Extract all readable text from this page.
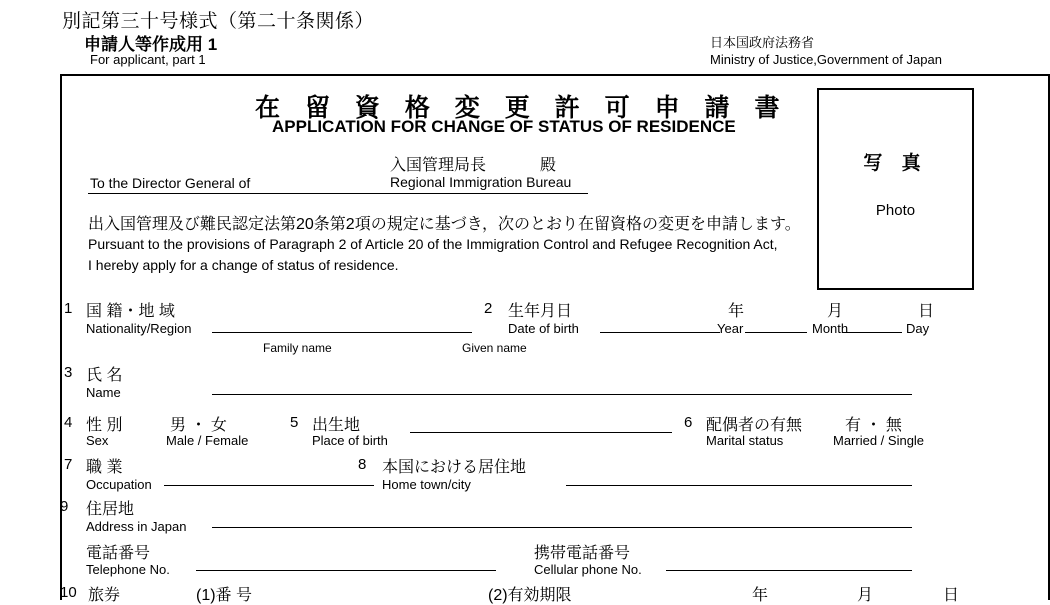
別記第三十号様式（第二十条関係）
申請人等作成用 1
For applicant, part 1
日本国政府法務省
Ministry of Justice,Government of Japan
在 留 資 格 変 更 許 可 申 請 書
APPLICATION FOR CHANGE OF STATUS OF RESIDENCE
写 真
Photo
To the Director General of
入国管理局長	殿
Regional Immigration Bureau
出入国管理及び難民認定法第20条第2項の規定に基づき，次のとおり在留資格の変更を申請します。
Pursuant to the provisions of Paragraph 2 of Article 20 of the Immigration Control and Refugee Recognition Act,
I hereby apply for a change of status of residence.
1 国 籍・地 域
Nationality/Region
2 生年月日
Date of birth
年
Year
月
Month
日
Day
Family name	Given name
3 氏 名
Name
4 性 別
Sex
男 ・ 女
Male / Female
5 出生地
Place of birth
6 配偶者の有無
Marital status
有 ・ 無
Married / Single
7 職 業
Occupation
8 本国における居住地
Home town/city
9 住居地
Address in Japan
電話番号
Telephone No.
携帯電話番号
Cellular phone No.
10 旅券	(1)番 号	(2)有効期限	年	月	日
